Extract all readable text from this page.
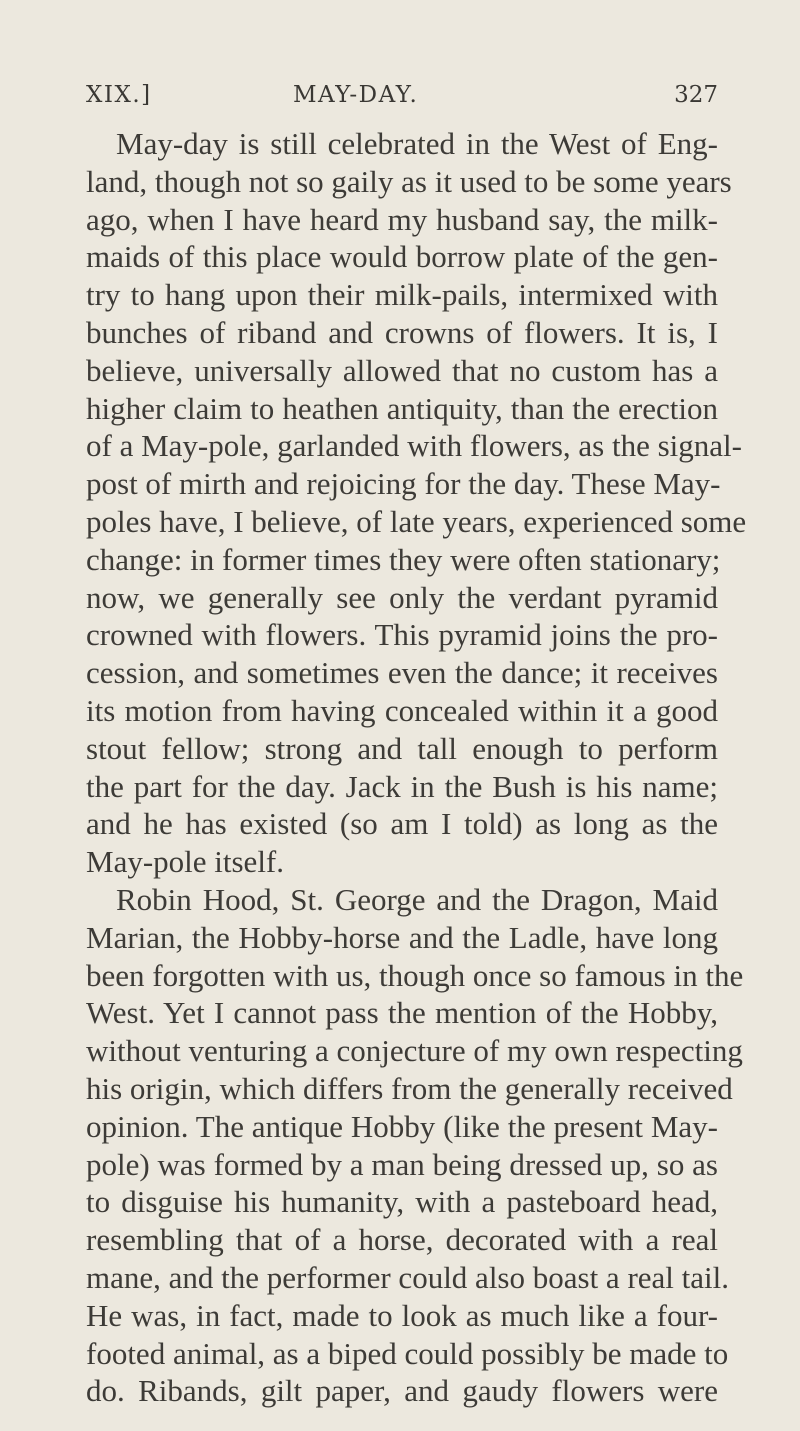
XIX.]	MAY-DAY.	327
May-day is still celebrated in the West of Eng-
land, though not so gaily as it used to be some years
ago, when I have heard my husband say, the milk-
maids of this place would borrow plate of the gen-
try to hang upon their milk-pails, intermixed with
bunches of riband and crowns of flowers. It is, I
believe, universally allowed that no custom has a
higher claim to heathen antiquity, than the erection
of a May-pole, garlanded with flowers, as the signal-
post of mirth and rejoicing for the day. These May-
poles have, I believe, of late years, experienced some
change: in former times they were often stationary;
now, we generally see only the verdant pyramid
crowned with flowers. This pyramid joins the pro-
cession, and sometimes even the dance; it receives
its motion from having concealed within it a good
stout fellow; strong and tall enough to perform
the part for the day. Jack in the Bush is his name;
and he has existed (so am I told) as long as the
May-pole itself.
Robin Hood, St. George and the Dragon, Maid
Marian, the Hobby-horse and the Ladle, have long
been forgotten with us, though once so famous in the
West. Yet I cannot pass the mention of the Hobby,
without venturing a conjecture of my own respecting
his origin, which differs from the generally received
opinion. The antique Hobby (like the present May-
pole) was formed by a man being dressed up, so as
to disguise his humanity, with a pasteboard head,
resembling that of a horse, decorated with a real
mane, and the performer could also boast a real tail.
He was, in fact, made to look as much like a four-
footed animal, as a biped could possibly be made to
do. Ribands, gilt paper, and gaudy flowers were
